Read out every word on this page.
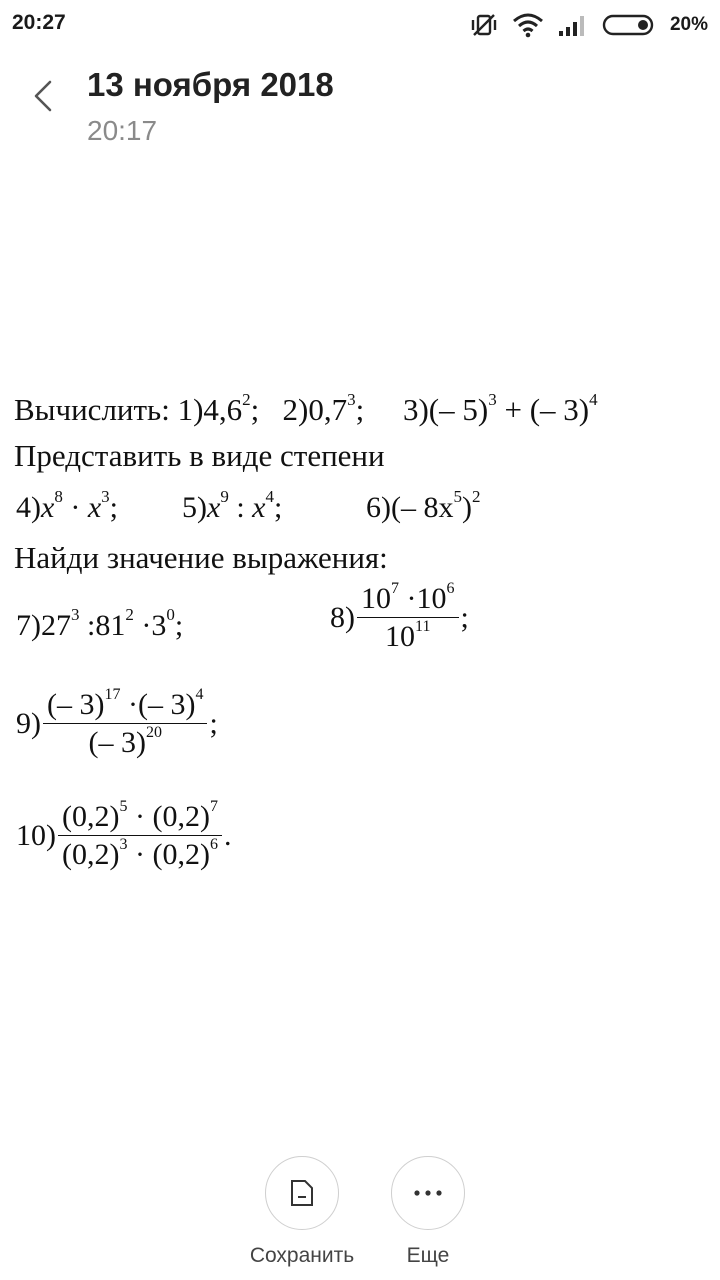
20:27	20%
13 ноября 2018
20:17
Вычислить: $1)4,6^2$; $2)0,7^3$; 3)(– 5)$^3$ + (– 3)$^4$
Представить в виде степени
$4)x^8 \cdot x^3$; $5)x^9$ : $x^4$;	6)(– $8x^5)^2$
Найди значение выражения:
$7)27^3$ $:81^2 \cdot 3^0$;	$8) \frac{10^7 \cdot 10^6}{10^{11}}$ ;
$9) \frac{(- 3)^{17} \cdot(- 3)^4}{(- 3)^{20}}$ ;
$10) \frac{(0,2)^5 \cdot (0,2)^7}{(0,2)^3 \cdot (0,2)^6}$ .
Сохранить	Еще
